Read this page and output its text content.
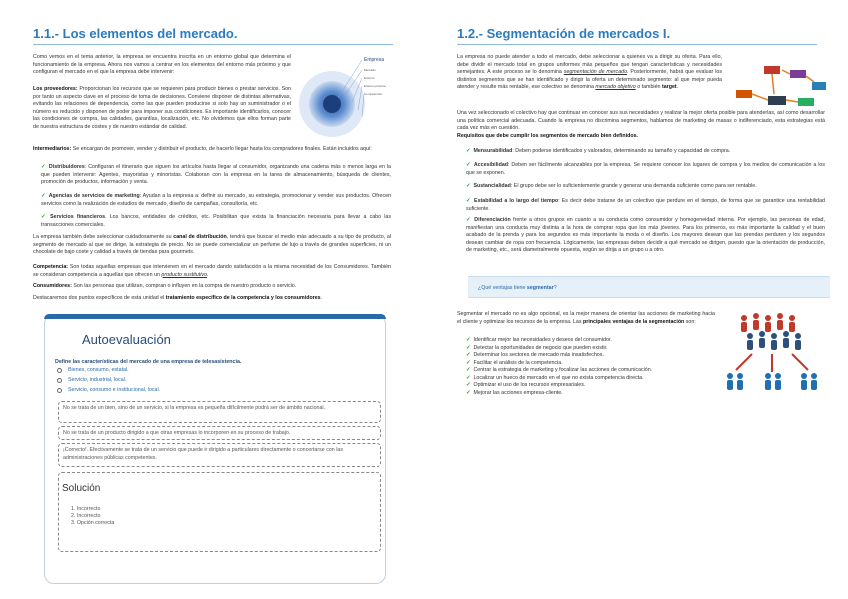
1.1.- Los elementos del mercado.
Como vemos en el tema anterior, la empresa se encuentra inscrita en un entorno global que determina el funcionamiento de la empresa. Ahora nos vamos a centrar en los elementos del entorno más próximo y que configuran el mercado en el que la empresa debe intervenir:
Empresa
Mercado
Entorno
Entorno próximo
Competencia
Los proveedores: Proporcionan los recursos que se requieren para producir bienes o prestar servicios. Son por tanto un aspecto clave en el proceso de toma de decisiones. Conviene disponer de distintas alternativas, evitando las relaciones de dependencia, como las que pueden producirse si solo hay un suministrador o el número es reducido y disponen de poder para imponer sus condiciones. Es importante identificarlos, conocer las condiciones de compra, las calidades, garantías, localización, etc. No olvidemos que ellos forman parte de nuestra estructura de costes y de nuestro estándar de calidad.
Intermediarios: Se encargan de promover, vender y distribuir el producto, de hacerlo llegar hasta los compradores finales. Están incluidos aquí:
✓ Distribuidores: Configuran el itinerario que siguen los artículos hasta llegar al consumidor, organizando una cadena más o menos larga en la que pueden intervenir: Agentes, mayoristas y minoristas. Colaboran con la empresa en la tarea de almacenamiento, búsqueda de clientes, promoción de productos, información y venta.
✓ Agencias de servicios de marketing: Ayudan a la empresa a: definir su mercado, su estrategia, promocionar y vender sus productos. Ofrecen servicios como la realización de estudios de mercado, diseño de campañas, consultoría, etc.
✓ Servicios financieros. Los bancos, entidades de créditos, etc. Posibilitan que exista la financiación necesaria para llevar a cabo las transacciones comerciales.
La empresa también debe seleccionar cuidadosamente su canal de distribución, tendrá que buscar el medio más adecuado a su tipo de producto, al segmento de mercado al que se dirige, la estrategia de precio. No se puede comercializar un perfume de lujo a través de grandes superficies, ni un chocolate de bajo coste y calidad a través de tiendas para gourmets.
Competencia: Son todas aquellas empresas que intervienen en el mercado dando satisfacción a la misma necesidad de los Consumidores. También se consideran competencia a aquellas que ofrecen un producto sustitutivo.
Consumidores: Son las personas que utilizan, compran o influyen en la compra de nuestro producto o servicio.
Destacaremos dos puntos específicos de esta unidad el tratamiento específico de la competencia y los consumidores.
Autoevaluación
Define las características del mercado de una empresa de telesasistencia.
Bienes, consumo, estatal.
Servicio, industrial, local.
Servicio, consumo e institucional, local.
No se trata de un bien, sino de un servicio, si la empresa es pequeña difícilmente podrá ser de ámbito nacional.
No se trata de un producto dirigido a que otras empresas lo incorporen en su proceso de trabajo.
¡Correcto!. Efectivamente se trata de un servicio que puede ir dirigido a particulares directamente o concertarse con las administraciones públicas competentes.
Solución
1. Incorrecto
2. Incorrecto
3. Opción correcta
1.2.- Segmentación de mercados I.
La empresa no puede atender a todo el mercado, debe seleccionar a quienes va a dirigir su oferta. Para ello, debe dividir el mercado total en grupos uniformes más pequeños que tengan características y necesidades semejantes. A este proceso se lo denomina segmentación de mercado. Posteriormente, habrá que evaluar los distintos segmentos que se han identificado y dirigir la oferta un determinado segmento: al que mejor pueda atender y resulte más rentable, ese colectivo se denomina mercado objetivo o también target.
Una vez seleccionado el colectivo hay que continuar en conocer sus sus necesidades y realizar la mejor oferta posible para atenderlas, así como desarrollar una política comercial adecuada. Cuando la empresa no discrimina segmentos, hablamos de marketing de masas o indiferenciado, esta estrategias está cada vez más en cuestión.
Requisitos que debe cumplir los segmentos de mercado bien definidos.
✓ Mensurabilidad: Deben poderse identificados y valorados, determinando su tamaño y capacidad de compra.
✓ Accesibilidad: Deben ser fácilmente alcanzables por la empresa. Se requiere conocer los lugares de compra y los medios de comunicación a los que se exponen.
✓ Sustancialidad: El grupo debe ser lo suficientemente grande y generar una demanda suficiente como para ser rentable.
✓ Estabilidad a lo largo del tiempo: Es decir debe tratarse de un colectivo que perdure en el tiempo, de forma que se garantice una rentabilidad suficiente.
✓ Diferenciación frente a otros grupos en cuanto a su conducta como consumidor y homogeneidad interna. Por ejemplo, las personas de edad, manifiestan una conducta muy distinta a la hora de comprar ropa que los más jóvenes. Para los primeros, es más importante la calidad y el buen acabado de la prenda y para los segundos es más importante la moda o el diseño. Los mayores desean que las prendas perduren y los segundos desean cambiar de ropa con frecuencia. Lógicamente, las empresas deben decidir a qué mercado se dirigen, puesto que la orientación de producción, de marketing, etc., será diametralmente opuesta, según se dirija a un grupo u a otro.
¿Qué ventajas tiene segmentar?
Segmentar el mercado no es algo opcional, es la mejor manera de orientar las acciones de marketing hacia el cliente y optimizar los recursos de la empresa. Las principales ventajas de la segmentación son:
✓ Identificar mejor las necesidades y deseos del consumidor.
✓ Detectar la oportunidades de negocio que pueden existir.
✓ Determinar los sectores de mercado más insatisfechos.
✓ Facilitar el análisis de la competencia.
✓ Centrar la estrategia de marketing y focalizar las acciones de comunicación.
✓ Localizar un hueco de mercado en el que no exista competencia directa.
✓ Optimizar el uso de los recursos empresariales.
✓ Mejorar las acciones empresa-cliente.
